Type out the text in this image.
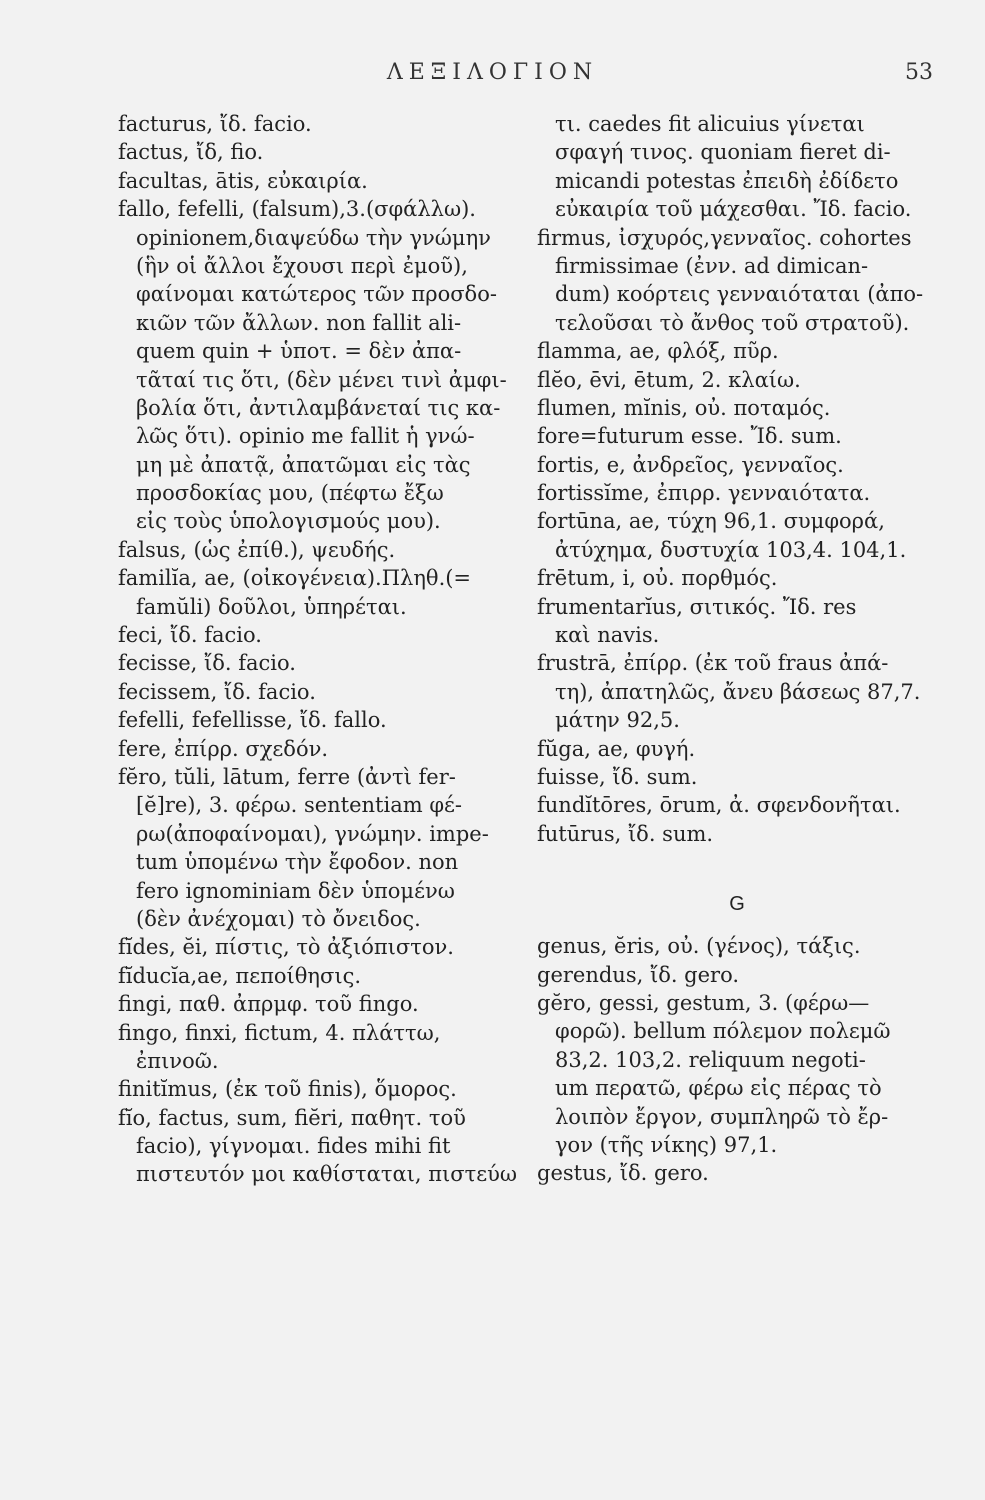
ΛΕΞΙΛΟΓΙΟΝ	53
facturus, ἴδ. facio.
factus, ἴδ, fio.
facultas, ātis, εὐκαιρία.
fallo, fefelli, (falsum),3.(σφάλλω).
opinionem,διαψεύδω τὴν γνώμην
(ἣν οἱ ἄλλοι ἔχουσι περὶ ἐμοῦ),
φαίνομαι κατώτερος τῶν προσδο-
κιῶν τῶν ἄλλων. non fallit ali-
quem quin + ὑποτ. = δὲν ἀπα-
τᾶταί τις ὅτι, (δὲν μένει τινὶ ἀμφι-
βολία ὅτι, ἀντιλαμβάνεταί τις κα-
λῶς ὅτι). opinio me fallit ἡ γνώ-
μη μὲ ἀπατᾷ, ἀπατῶμαι εἰς τὰς
προσδοκίας μου, (πέφτω ἔξω
εἰς τοὺς ὑπολογισμούς μου).
falsus, (ὡς ἐπίθ.), ψευδής.
familĭa, ae, (οἰκογένεια).Πληθ.(=
famŭli) δοῦλοι, ὑπηρέται.
feci, ἴδ. facio.
fecisse, ἴδ. facio.
fecissem, ἴδ. facio.
fefelli, fefellisse, ἴδ. fallo.
fere, ἐπίρρ. σχεδόν.
fĕro, tŭli, lātum, ferre (ἀντὶ fer-
[ĕ]re), 3. φέρω. sententiam φέ-
ρω(ἀποφαίνομαι), γνώμην. impe-
tum ὑπομένω τὴν ἔφοδον. non
fero ignominiam δὲν ὑπομένω
(δὲν ἀνέχομαι) τὸ ὄνειδος.
fĭdes, ĕi, πίστις, τὸ ἀξιόπιστον.
fĭducĭa,ae, πεποίθησις.
fingi, παθ. ἀπρμφ. τοῦ fingo.
fingo, finxi, fictum, 4. πλάττω,
ἐπινοῶ.
finitĭmus, (ἐκ τοῦ finis), ὅμορος.
fĭo, factus, sum, fiĕri, παθητ. τοῦ
facio), γίγνομαι. fides mihi fit
πιστευτόν μοι καθίσταται, πιστεύω
τι. caedes fit alicuius γίνεται
σφαγή τινος. quoniam fieret di-
micandi potestas ἐπειδὴ ἐδίδετο
εὐκαιρία τοῦ μάχεσθαι. Ἴδ. facio.
firmus, ἰσχυρός,γενναῖος. cohortes
firmissimae (ἐνν. ad dimican-
dum) κοόρτεις γενναιόταται (ἀπο-
τελοῦσαι τὸ ἄνθος τοῦ στρατοῦ).
flamma, ae, φλόξ, πῦρ.
flĕo, ēvi, ētum, 2. κλαίω.
flumen, mĭnis, οὐ. ποταμός.
fore=futurum esse. Ἴδ. sum.
fortis, e, ἀνδρεῖος, γενναῖος.
fortissĭme, ἐπιρρ. γενναιότατα.
fortūna, ae, τύχη 96,1. συμφορά,
ἀτύχημα, δυστυχία 103,4. 104,1.
frētum, i, οὐ. πορθμός.
frumentarĭus, σιτικός. Ἴδ. res
καὶ navis.
frustrā, ἐπίρρ. (ἐκ τοῦ fraus ἀπά-
τη), ἀπατηλῶς, ἄνευ βάσεως 87,7.
μάτην 92,5.
fŭga, ae, φυγή.
fuisse, ἴδ. sum.
fundĭtōres, ōrum, ἀ. σφενδονῆται.
futūrus, ἴδ. sum.
G
genus, ĕris, οὐ. (γένος), τάξις.
gerendus, ἴδ. gero.
gĕro, gessi, gestum, 3. (φέρω—
φορῶ). bellum πόλεμον πολεμῶ
83,2. 103,2. reliquum negoti-
um περατῶ, φέρω εἰς πέρας τὸ
λοιπὸν ἔργον, συμπληρῶ τὸ ἔρ-
γον (τῆς νίκης) 97,1.
gestus, ἴδ. gero.
